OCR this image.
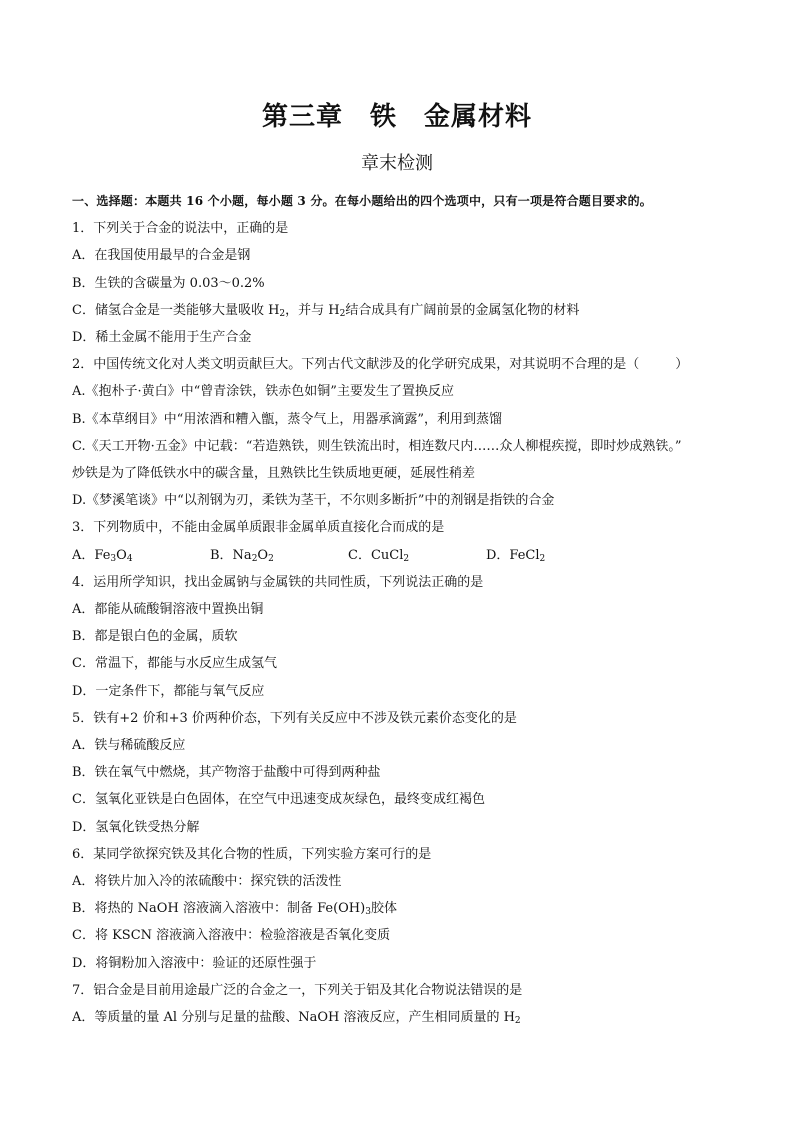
第三章　铁　金属材料
章末检测
一、选择题：本题共 16 个小题，每小题 3 分。在每小题给出的四个选项中，只有一项是符合题目要求的。
1．下列关于合金的说法中，正确的是
A．在我国使用最早的合金是钢
B．生铁的含碳量为 0.03～0.2%
C．储氢合金是一类能够大量吸收 $H_2$，并与 $H_2$结合成具有广阔前景的金属氢化物的材料
D．稀土金属不能用于生产合金
2．中国传统文化对人类文明贡献巨大。下列古代文献涉及的化学研究成果，对其说明不合理的是（	）
A.《抱朴子·黄白》中“曾青涂铁，铁赤色如铜”主要发生了置换反应
B.《本草纲目》中“用浓酒和糟入甑，蒸令气上，用器承滴露”，利用到蒸馏
C.《天工开物·五金》中记载：“若造熟铁，则生铁流出时，相连数尺内……众人柳棍疾搅，即时炒成熟铁。”
炒铁是为了降低铁水中的碳含量，且熟铁比生铁质地更硬，延展性稍差
D.《梦溪笔谈》中“以剂钢为刃，柔铁为茎干，不尔则多断折”中的剂钢是指铁的合金
3．下列物质中，不能由金属单质跟非金属单质直接化合而成的是
A．$Fe_3O_4$	B．$Na_2O_2$	C．CuCl$_2$	D．FeCl$_2$
4．运用所学知识，找出金属钠与金属铁的共同性质，下列说法正确的是
A．都能从硫酸铜溶液中置换出铜
B．都是银白色的金属，质软
C．常温下，都能与水反应生成氢气
D．一定条件下，都能与氧气反应
5．铁有+2 价和+3 价两种价态，下列有关反应中不涉及铁元素价态变化的是
A．铁与稀硫酸反应
B．铁在氧气中燃烧，其产物溶于盐酸中可得到两种盐
C．氢氧化亚铁是白色固体，在空气中迅速变成灰绿色，最终变成红褐色
D．氢氧化铁受热分解
6．某同学欲探究铁及其化合物的性质，下列实验方案可行的是
A．将铁片加入冷的浓硫酸中：探究铁的活泼性
B．将热的 NaOH 溶液滴入溶液中：制备 $Fe(OH)_3$胶体
C．将 KSCN 溶液滴入溶液中：检验溶液是否氧化变质
D．将铜粉加入溶液中：验证的还原性强于
7．铝合金是目前用途最广泛的合金之一，下列关于铝及其化合物说法错误的是
A．等质量的量 Al 分别与足量的盐酸、NaOH 溶液反应，产生相同质量的 $H_2$
